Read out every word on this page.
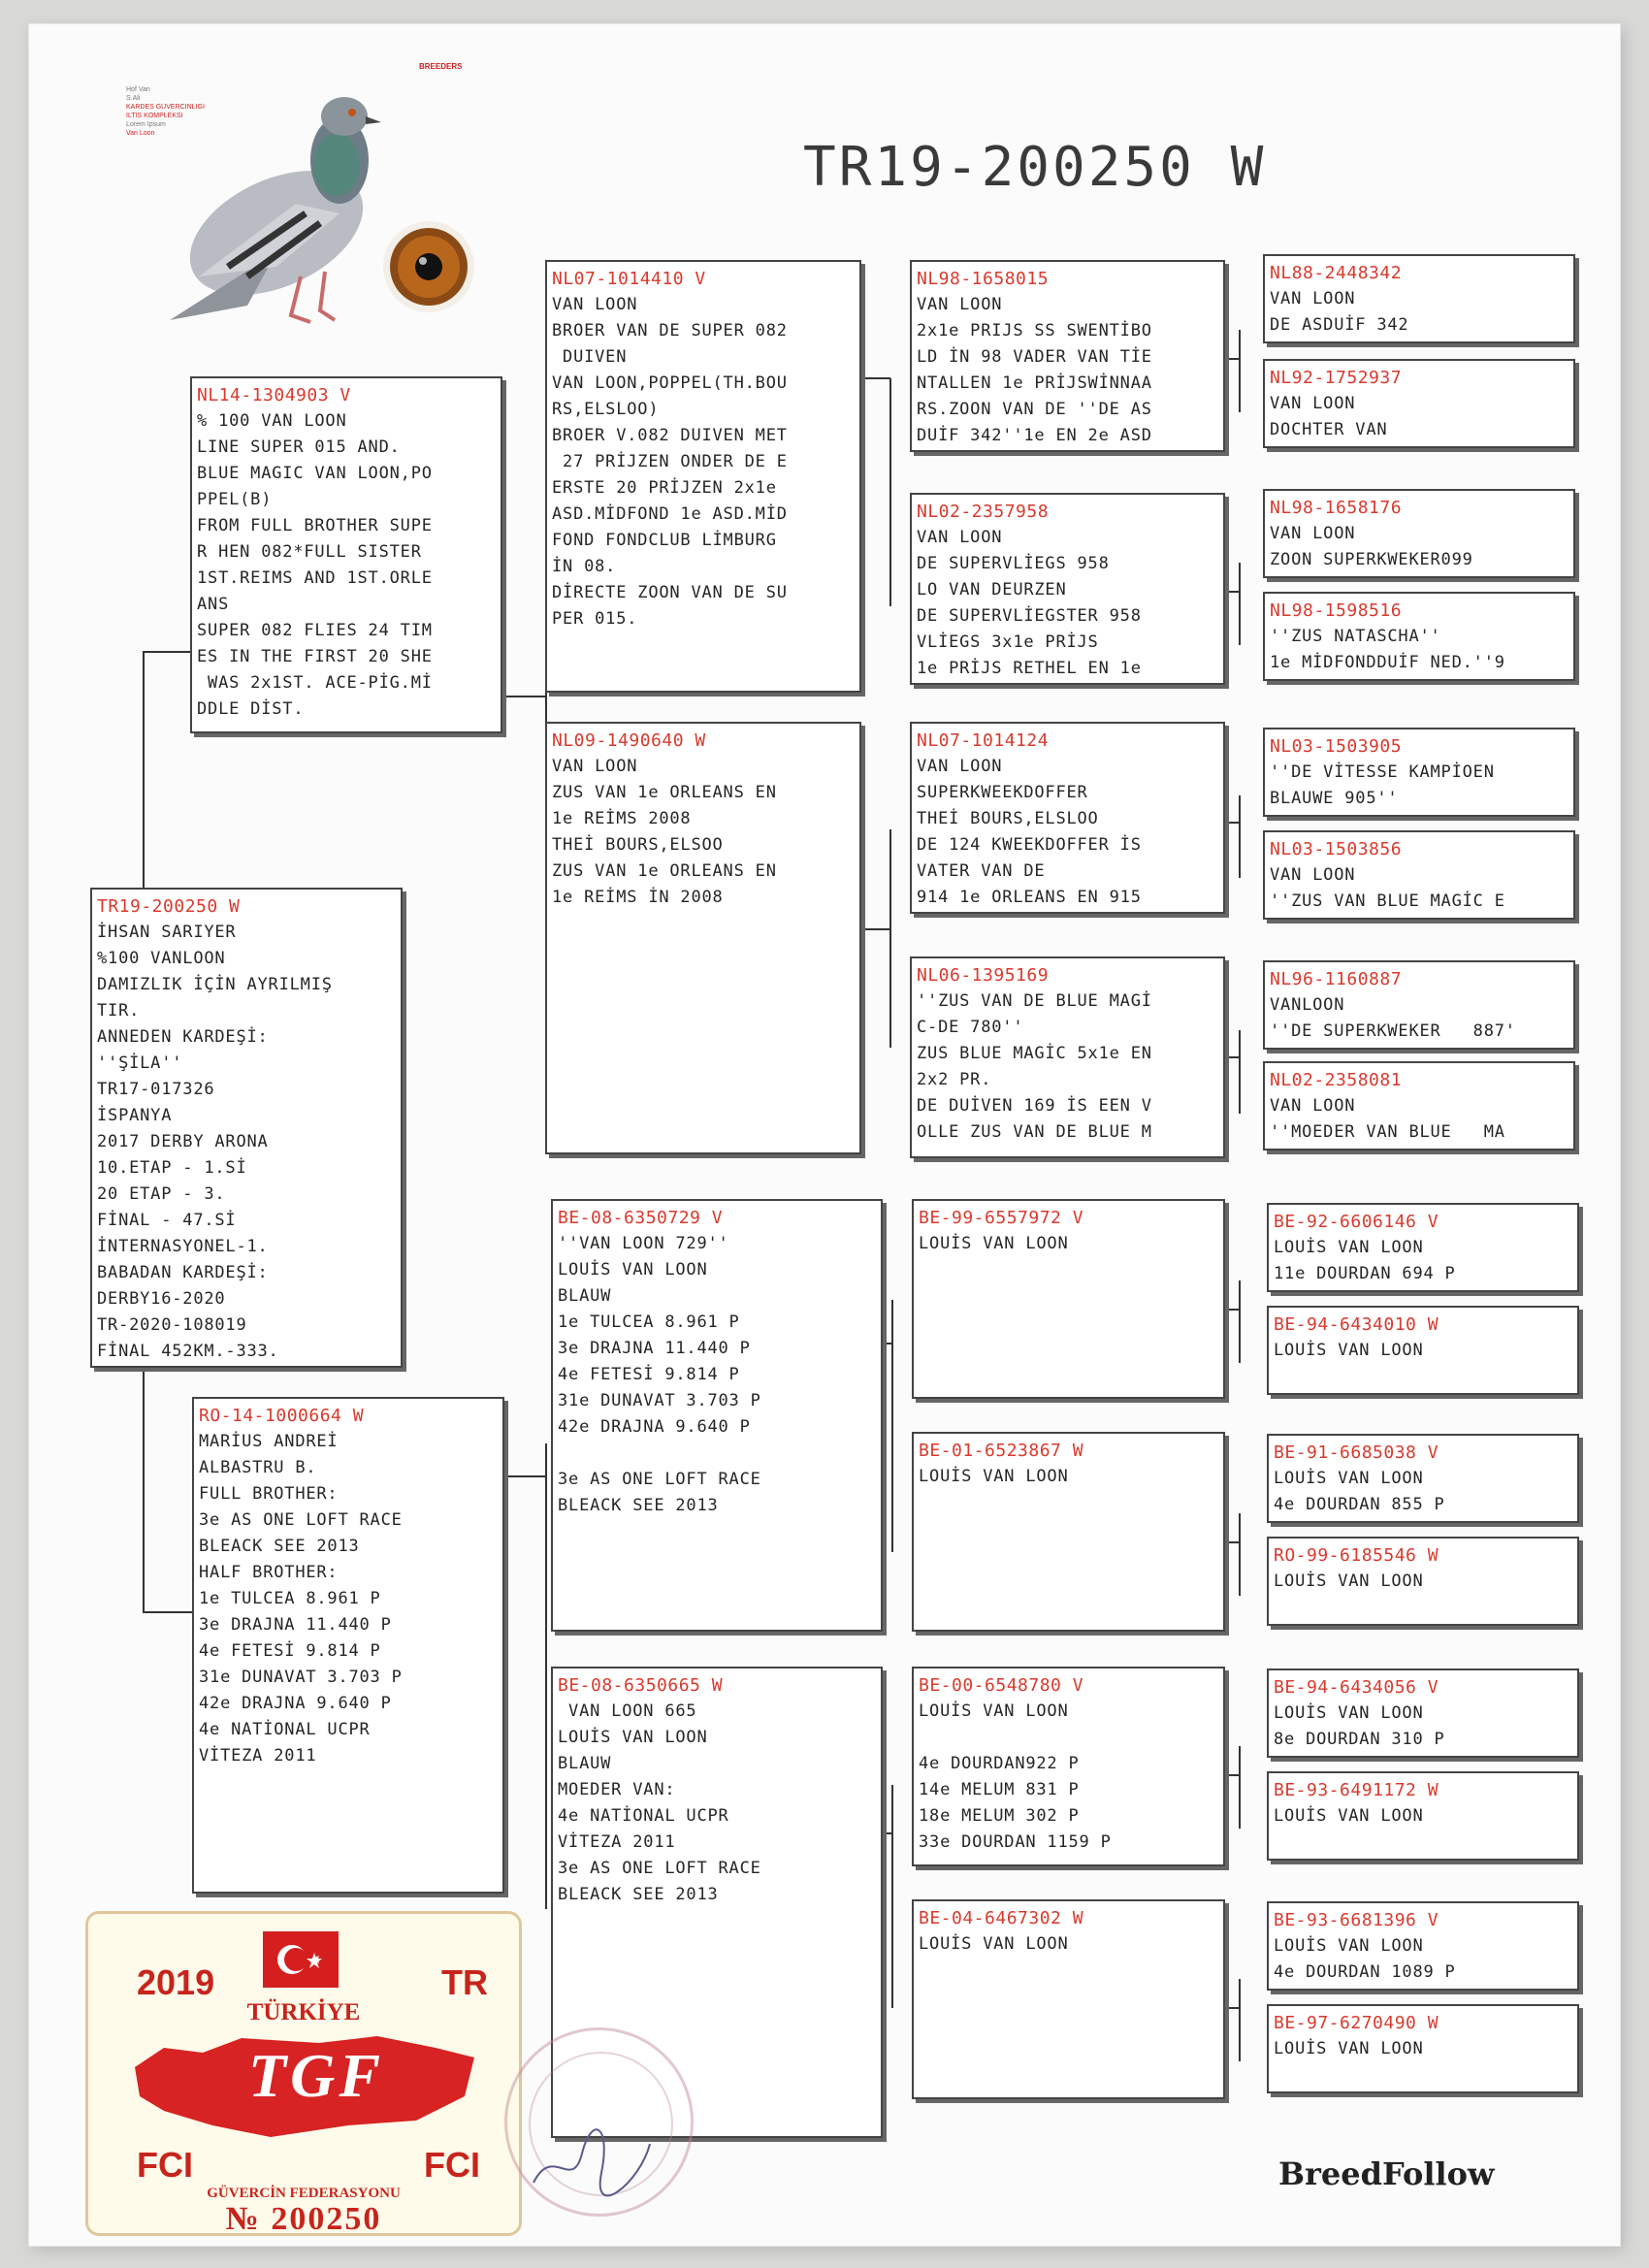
Hof Van
S.Ali
KARDES GUVERCINLIGI
ILTIS KOMPLEKSI
Lorem Ipsum
Van Loon
BREEDERS
TR19-200250 W
TR19-200250 W
İHSAN SARIYER
%100 VANLOON
DAMIZLIK İÇİN AYRILMIŞ
TIR.
ANNEDEN KARDEŞİ:
''ŞİLA''
TR17-017326
İSPANYA
2017 DERBY ARONA
10.ETAP - 1.Sİ
20 ETAP - 3.
FİNAL - 47.Sİ
İNTERNASYONEL-1.
BABADAN KARDEŞİ:
DERBY16-2020
TR-2020-108019
FİNAL 452KM.-333.
NL14-1304903 V
% 100 VAN LOON
LINE SUPER 015 AND.
BLUE MAGIC VAN LOON,PO
PPEL(B)
FROM FULL BROTHER SUPE
R HEN 082*FULL SISTER
1ST.REIMS AND 1ST.ORLE
ANS
SUPER 082 FLIES 24 TIM
ES IN THE FIRST 20 SHE
WAS 2x1ST. ACE-PİG.Mİ
DDLE DİST.
RO-14-1000664 W
MARİUS ANDREİ
ALBASTRU B.
FULL BROTHER:
3e AS ONE LOFT RACE
BLEACK SEE 2013
HALF BROTHER:
1e TULCEA 8.961 P
3e DRAJNA 11.440 P
4e FETESİ 9.814 P
31e DUNAVAT 3.703 P
42e DRAJNA 9.640 P
4e NATİONAL UCPR
VİTEZA 2011
NL07-1014410 V
VAN LOON
BROER VAN DE SUPER 082
DUIVEN
VAN LOON,POPPEL(TH.BOU
RS,ELSLOO)
BROER V.082 DUIVEN MET
27 PRİJZEN ONDER DE E
ERSTE 20 PRİJZEN 2x1e
ASD.MİDFOND 1e ASD.MİD
FOND FONDCLUB LİMBURG
İN 08.
DİRECTE ZOON VAN DE SU
PER 015.
NL09-1490640 W
VAN LOON
ZUS VAN 1e ORLEANS EN
1e REİMS 2008
THEİ BOURS,ELSOO
ZUS VAN 1e ORLEANS EN
1e REİMS İN 2008
BE-08-6350729 V
''VAN LOON 729''
LOUİS VAN LOON
BLAUW
1e TULCEA 8.961 P
3e DRAJNA 11.440 P
4e FETESİ 9.814 P
31e DUNAVAT 3.703 P
42e DRAJNA 9.640 P

3e AS ONE LOFT RACE
BLEACK SEE 2013
BE-08-6350665 W
VAN LOON 665
LOUİS VAN LOON
BLAUW
MOEDER VAN:
4e NATİONAL UCPR
VİTEZA 2011
3e AS ONE LOFT RACE
BLEACK SEE 2013
NL98-1658015
VAN LOON
2x1e PRIJS SS SWENTİBO
LD İN 98 VADER VAN TİE
NTALLEN 1e PRİJSWİNNAA
RS.ZOON VAN DE ''DE AS
DUİF 342''1e EN 2e ASD
NL02-2357958
VAN LOON
DE SUPERVLİEGS 958
LO VAN DEURZEN
DE SUPERVLİEGSTER 958
VLİEGS 3x1e PRİJS
1e PRİJS RETHEL EN 1e
NL07-1014124
VAN LOON
SUPERKWEEKDOFFER
THEİ BOURS,ELSLOO
DE 124 KWEEKDOFFER İS
VATER VAN DE
914 1e ORLEANS EN 915
NL06-1395169
''ZUS VAN DE BLUE MAGİ
C-DE 780''
ZUS BLUE MAGİC 5x1e EN
2x2 PR.
DE DUİVEN 169 İS EEN V
OLLE ZUS VAN DE BLUE M
BE-99-6557972 V
LOUİS VAN LOON
BE-01-6523867 W
LOUİS VAN LOON
BE-00-6548780 V
LOUİS VAN LOON

4e DOURDAN922 P
14e MELUM 831 P
18e MELUM 302 P
33e DOURDAN 1159 P
BE-04-6467302 W
LOUİS VAN LOON
NL88-2448342
VAN LOON
DE ASDUİF 342
NL92-1752937
VAN LOON
DOCHTER VAN
NL98-1658176
VAN LOON
ZOON SUPERKWEKER099
NL98-1598516
''ZUS NATASCHA''
1e MİDFONDDUİF NED.''9
NL03-1503905
''DE VİTESSE KAMPİOEN
BLAUWE 905''
NL03-1503856
VAN LOON
''ZUS VAN BLUE MAGİC E
NL96-1160887
VANLOON
''DE SUPERKWEKER   887'
NL02-2358081
VAN LOON
''MOEDER VAN BLUE   MA
BE-92-6606146 V
LOUİS VAN LOON
11e DOURDAN 694 P
BE-94-6434010 W
LOUİS VAN LOON
BE-91-6685038 V
LOUİS VAN LOON
4e DOURDAN 855 P
RO-99-6185546 W
LOUİS VAN LOON
BE-94-6434056 V
LOUİS VAN LOON
8e DOURDAN 310 P
BE-93-6491172 W
LOUİS VAN LOON
BE-93-6681396 V
LOUİS VAN LOON
4e DOURDAN 1089 P
BE-97-6270490 W
LOUİS VAN LOON
2019	TR
TÜRKİYE
TGF
FCI	FCI
GÜVERCİN FEDERASYONU
№ 200250
BreedFollow
